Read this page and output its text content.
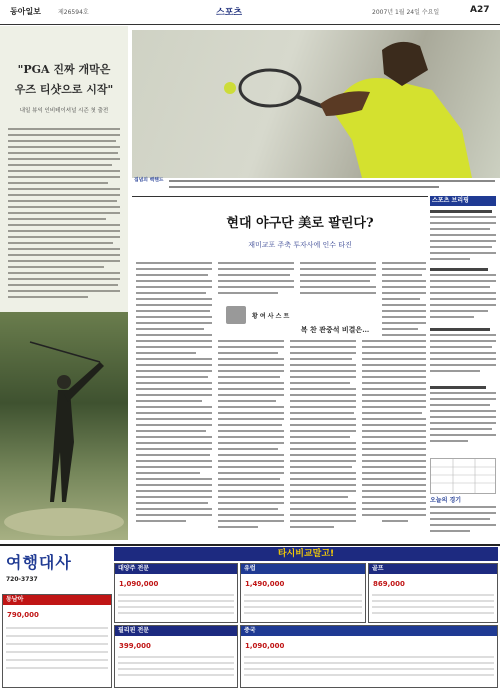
동아일보	제26594호	스포츠	2007년 1월 24일 수요일	A27
"PGA 진짜 개막은 우즈 티샷으로 시작"
내일 뷰익 인비테이셔널 시즌 첫 출전
집념의 백핸드
현대 야구단 美로 팔린다?
재미교포 주축 투자사에 인수 타진
황 여 사 스 트
복 찬 관중석 비결은…
스포츠 브리핑
오늘의 경기
여행대사
720-3737
타시비교말고!
대양주 전문
1,090,000
유럽
1,490,000
골프
869,000
동남아
790,000
필리핀 전문
399,000
중국
1,090,000
